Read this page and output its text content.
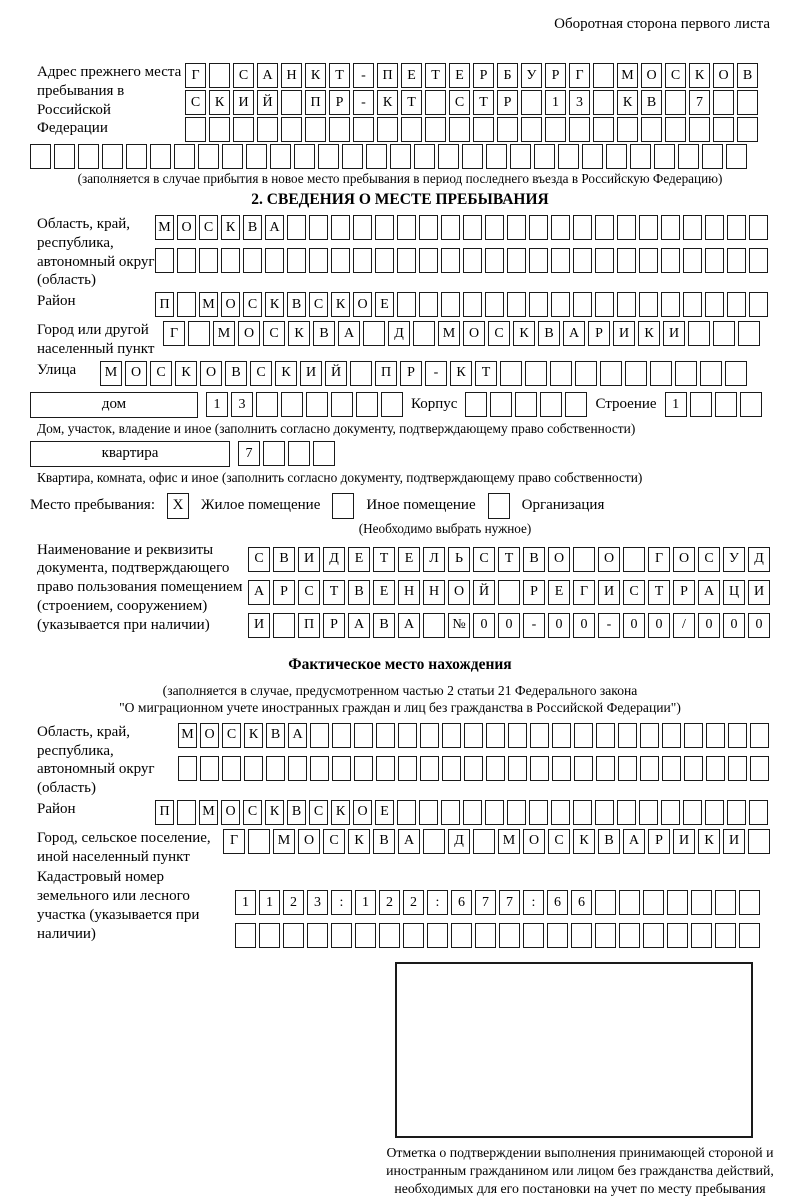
Оборотная сторона первого листа
Адрес прежнего места пребывания в Российской Федерации
Г	С	А Н	К	Т	-	П	Е	Т	Е	Р	Б	У	Р	Г	М О	С	К	О	В
С	К	И Й	П	Р	-	К	Т	С	Т	Р	1	3	К	В	7
(заполняется в случае прибытия в новое место пребывания в период последнего въезда в Российскую Федерацию)
2. СВЕДЕНИЯ О МЕСТЕ ПРЕБЫВАНИЯ
Область, край, республика, автономный округ (область)
М О С К В А
Район	П	М О С К В С К О Е
Город или другой населенный пункт
Г	М О	С	К	В	А	Д	М О	С	К	В	А	Р	И	К	И
Улица	М О	С	К	О	В	С	К	И	Й	П	Р	-	К	Т
дом	1	3	Корпус	Строение	1
Дом, участок, владение и иное (заполнить согласно документу, подтверждающему право собственности)
квартира	7
Квартира, комната, офис и иное (заполнить согласно документу, подтверждающему право собственности)
Место пребывания:	X	Жилое помещение	Иное помещение	Организация
(Необходимо выбрать нужное)
Наименование и реквизиты документа, подтверждающего право пользования помещением (строением, сооружением) (указывается при наличии)
С	В	И	Д	Е	Т	Е	Л	Ь	С	Т	В	О	О	Г	О	С	У	Д
А	Р	С	Т	В	Е	Н	Н	О	Й	Р	Е	Г	И	С	Т	Р	А	Ц	И
И	П	Р	А	В	А	№	0	0	-	0	0	-	0	0	/	0	0	0
Фактическое место нахождения
(заполняется в случае, предусмотренном частью 2 статьи 21 Федерального закона
"О миграционном учете иностранных граждан и лиц без гражданства в Российской Федерации")
Область, край, республика, автономный округ (область)
М О С К В А
Район	П	М О С К В С К О Е
Город, сельское поселение, иной населенный пункт
Г	М О	С	К	В	А	Д	М О	С	К	В	А	Р	И	К	И
Кадастровый номер земельного или лесного участка (указывается при наличии)
1	1	2	3	:	1	2	2	:	6	7	7	:	6	6
Отметка о подтверждении выполнения принимающей стороной и иностранным гражданином или лицом без гражданства действий, необходимых для его постановки на учет по месту пребывания
